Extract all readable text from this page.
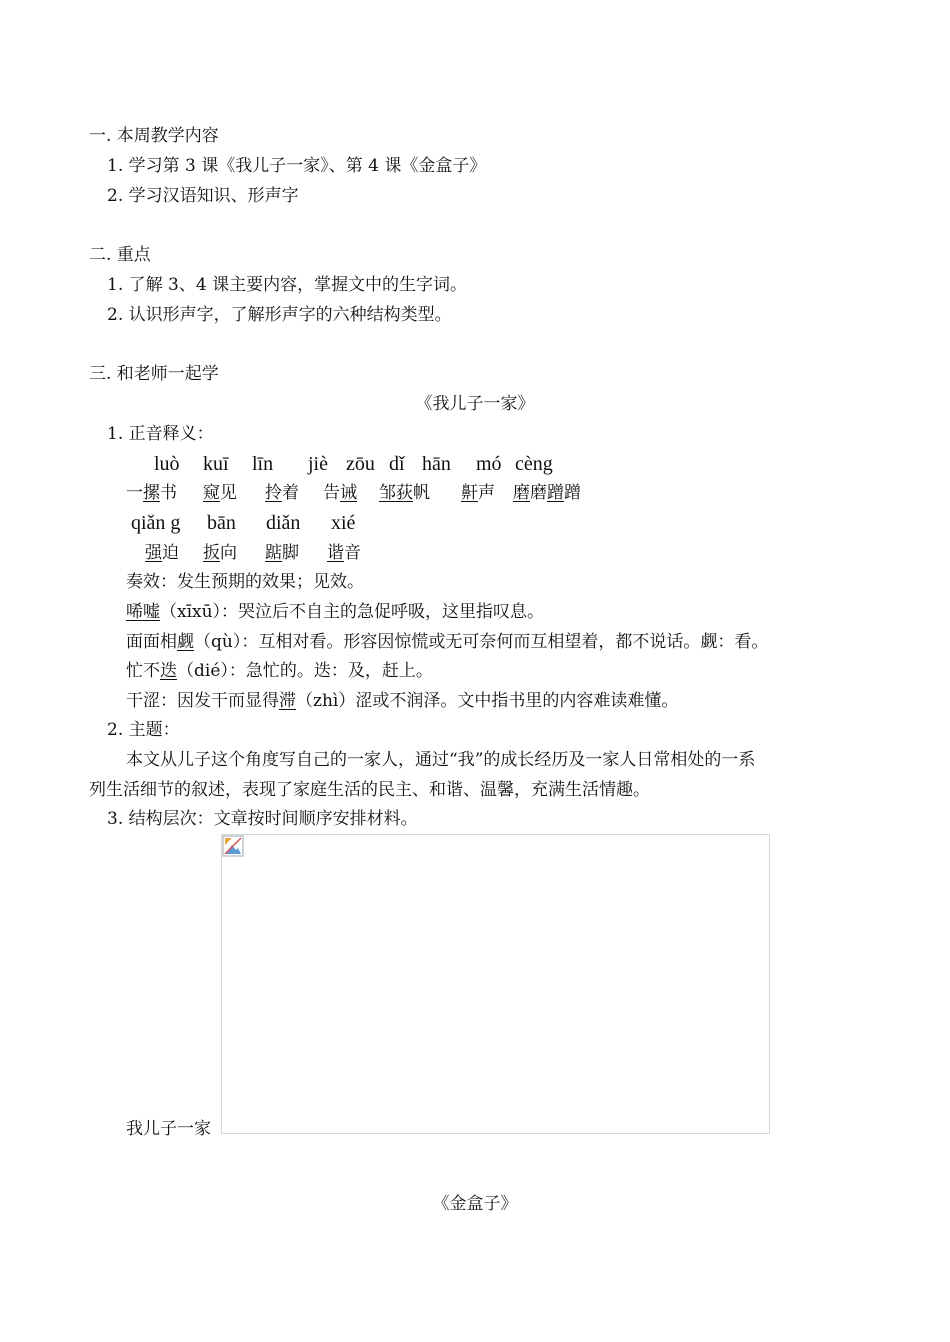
一. 本周教学内容
1. 学习第 3 课《我儿子一家》、第 4 课《金盒子》
2. 学习汉语知识、形声字
二. 重点
1. 了解 3、4 课主要内容，掌握文中的生字词。
2. 认识形声字，了解形声字的六种结构类型。
三. 和老师一起学
《我儿子一家》
1. 正音释义：
luò kuī līn jiè zōu dǐ hān mó cèng
一摞书 窥见 拎着 告诫 邹荻帆 鼾声 磨磨蹭蹭
qiǎn g bān diǎn xié
强迫 扳向 踮脚 谐音
奏效：发生预期的效果；见效。
唏嘘（xīxū）：哭泣后不自主的急促呼吸，这里指叹息。
面面相觑（qù）：互相对看。形容因惊慌或无可奈何而互相望着，都不说话。觑：看。
忙不迭（dié）：急忙的。迭：及，赶上。
干涩：因发干而显得滞（zhì）涩或不润泽。文中指书里的内容难读难懂。
2. 主题：
本文从儿子这个角度写自己的一家人，通过“我”的成长经历及一家人日常相处的一系
列生活细节的叙述，表现了家庭生活的民主、和谐、温馨，充满生活情趣。
3. 结构层次：文章按时间顺序安排材料。
我儿子一家
《金盒子》
